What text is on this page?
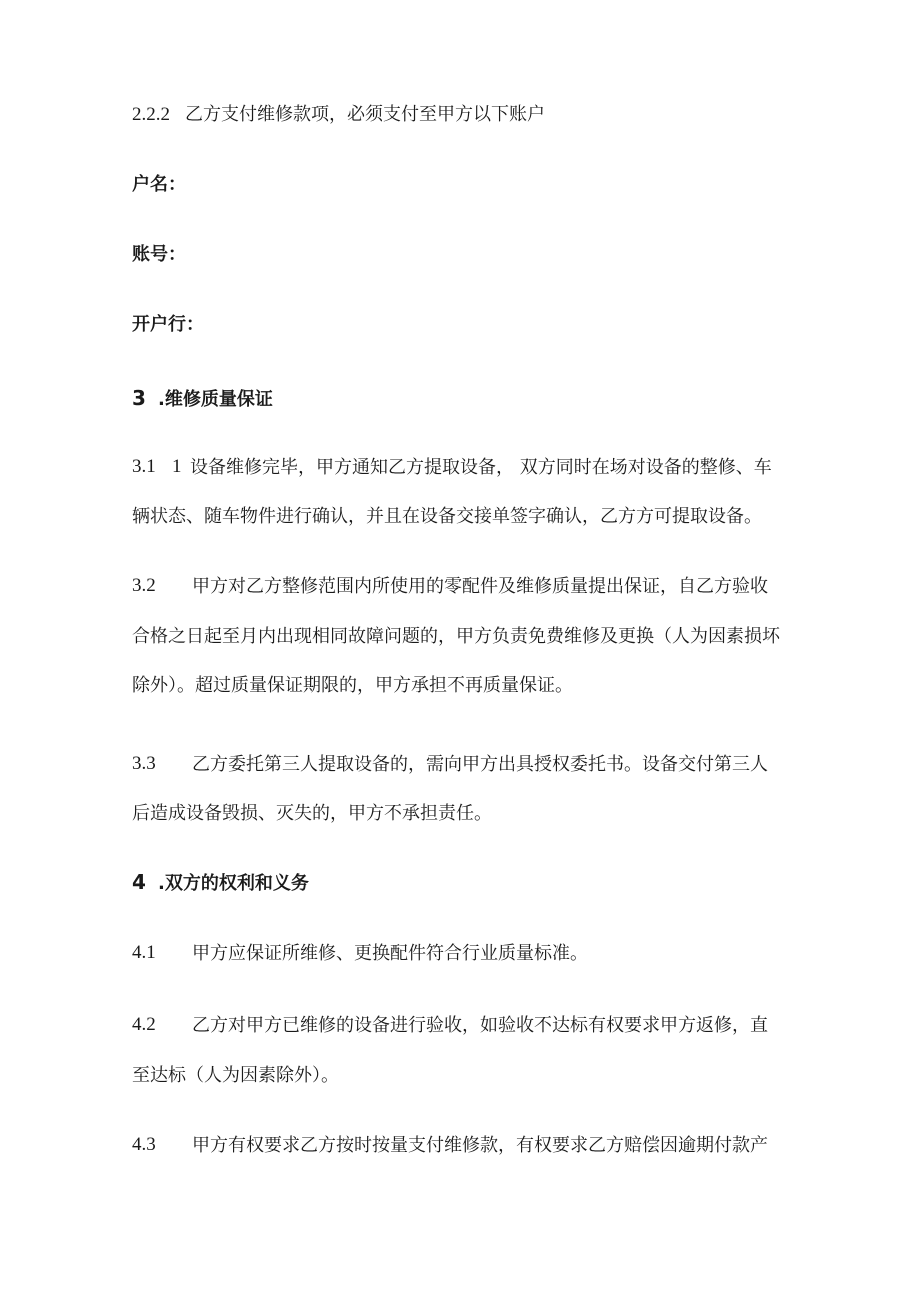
2.2.2 乙方支付维修款项，必须支付至甲方以下账户
户名：
账号：
开户行：
3 .维修质量保证
3.1 1 设备维修完毕，甲方通知乙方提取设备， 双方同时在场对设备的整修、车
辆状态、随车物件进行确认，并且在设备交接单签字确认，乙方方可提取设备。
3.2 甲方对乙方整修范围内所使用的零配件及维修质量提出保证，自乙方验收
合格之日起至月内出现相同故障问题的，甲方负责免费维修及更换（人为因素损坏
除外）。超过质量保证期限的，甲方承担不再质量保证。
3.3 乙方委托第三人提取设备的，需向甲方出具授权委托书。设备交付第三人
后造成设备毁损、灭失的，甲方不承担责任。
4 .双方的权利和义务
4.1 甲方应保证所维修、更换配件符合行业质量标准。
4.2 乙方对甲方已维修的设备进行验收，如验收不达标有权要求甲方返修，直
至达标（人为因素除外）。
4.3 甲方有权要求乙方按时按量支付维修款，有权要求乙方赔偿因逾期付款产
